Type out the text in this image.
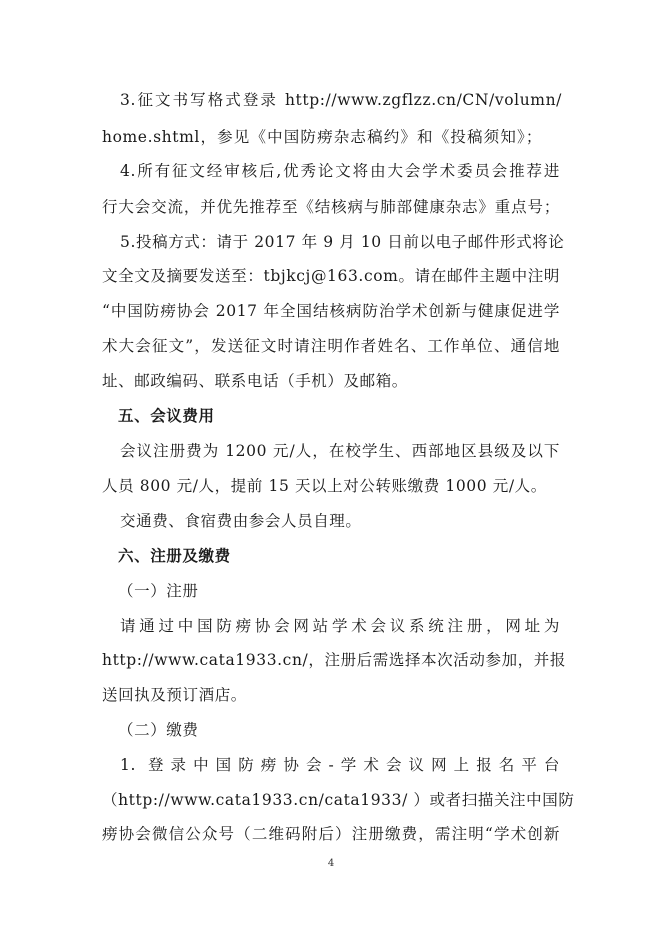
3.征文书写格式登录 http://www.zgflzz.cn/CN/volumn/
home.shtml，参见《中国防痨杂志稿约》和《投稿须知》；
4.所有征文经审核后,优秀论文将由大会学术委员会推荐进
行大会交流，并优先推荐至《结核病与肺部健康杂志》重点号；
5.投稿方式：请于 2017 年 9 月 10 日前以电子邮件形式将论
文全文及摘要发送至：tbjkcj@163.com。请在邮件主题中注明
“中国防痨协会 2017 年全国结核病防治学术创新与健康促进学
术大会征文”，发送征文时请注明作者姓名、工作单位、通信地
址、邮政编码、联系电话（手机）及邮箱。
五、会议费用
会议注册费为 1200 元/人，在校学生、西部地区县级及以下
人员 800 元/人，提前 15 天以上对公转账缴费 1000 元/人。
交通费、食宿费由参会人员自理。
六、注册及缴费
（一）注册
请通过中国防痨协会网站学术会议系统注册，网址为
http://www.cata1933.cn/，注册后需选择本次活动参加，并报
送回执及预订酒店。
（二）缴费
1. 登录中国防痨协会-学术会议网上报名平台
（http://www.cata1933.cn/cata1933/ ）或者扫描关注中国防
痨协会微信公众号（二维码附后）注册缴费，需注明“学术创新
4
